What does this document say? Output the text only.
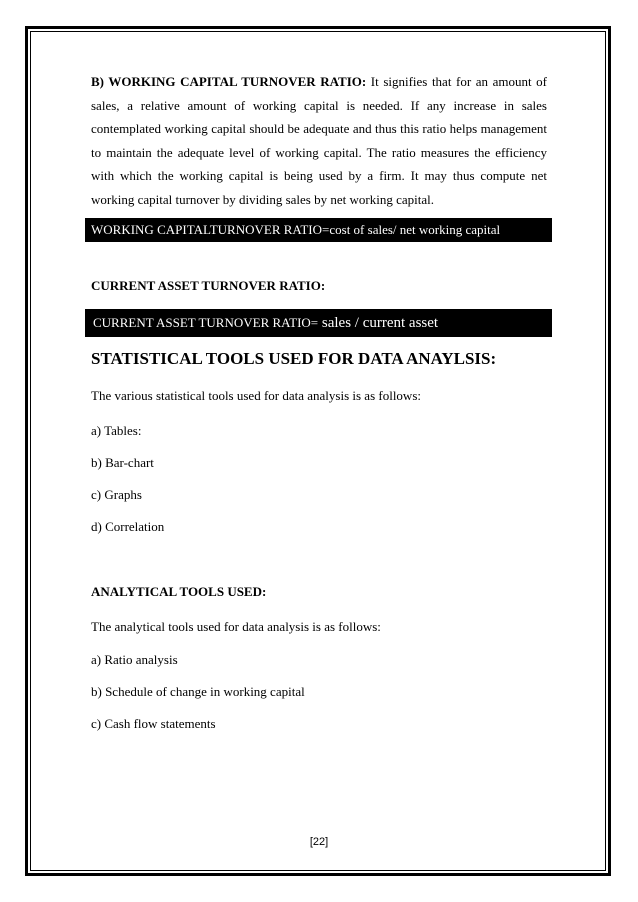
B) WORKING CAPITAL TURNOVER RATIO: It signifies that for an amount of sales, a relative amount of working capital is needed. If any increase in sales contemplated working capital should be adequate and thus this ratio helps management to maintain the adequate level of working capital. The ratio measures the efficiency with which the working capital is being used by a firm. It may thus compute net working capital turnover by dividing sales by net working capital.

WORKING CAPITALTURNOVER RATIO=cost of sales/ net working capital

CURRENT ASSET TURNOVER RATIO:

CURRENT ASSET TURNOVER RATIO= sales / current asset

STATISTICAL TOOLS USED FOR DATA ANAYLSIS:

The various statistical tools used for data analysis is as follows:

a) Tables:

b) Bar-chart

c) Graphs

d) Correlation

ANALYTICAL TOOLS USED:

The analytical tools used for data analysis is as follows:

a) Ratio analysis

b) Schedule of change in working capital

c) Cash flow statements

[22]
